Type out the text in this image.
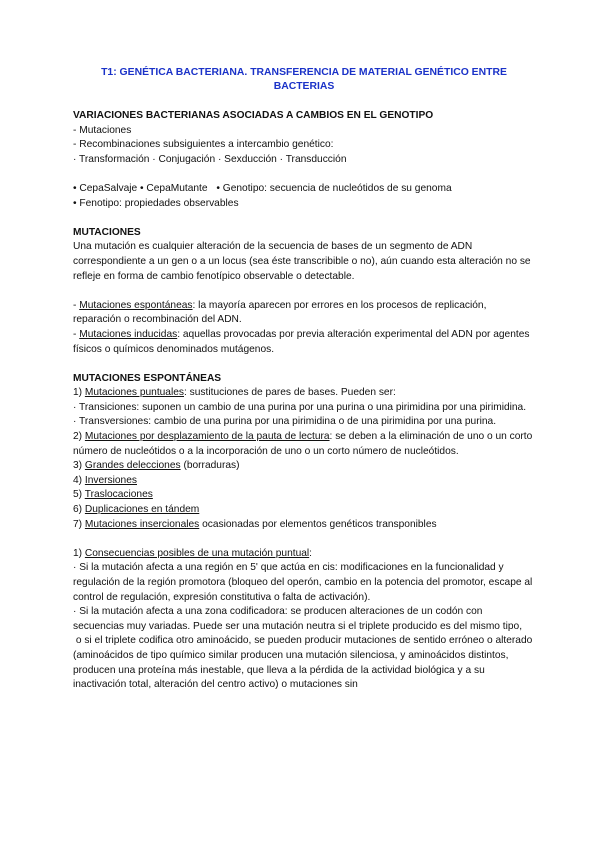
T1: GENÉTICA BACTERIANA. TRANSFERENCIA DE MATERIAL GENÉTICO ENTRE BACTERIAS

VARIACIONES BACTERIANAS ASOCIADAS A CAMBIOS EN EL GENOTIPO

- Mutaciones

- Recombinaciones subsiguientes a intercambio genético:

· Transformación · Conjugación · Sexducción · Transducción

• CepaSalvaje • CepaMutante • Genotipo: secuencia de nucleótidos de su genoma

• Fenotipo: propiedades observables

MUTACIONES

Una mutación es cualquier alteración de la secuencia de bases de un segmento de ADN correspondiente a un gen o a un locus (sea éste transcribible o no), aún cuando esta alteración no se refleje en forma de cambio fenotípico observable o detectable.

- Mutaciones espontáneas: la mayoría aparecen por errores en los procesos de replicación, reparación o recombinación del ADN.

- Mutaciones inducidas: aquellas provocadas por previa alteración experimental del ADN por agentes físicos o químicos denominados mutágenos.

MUTACIONES ESPONTÁNEAS

1) Mutaciones puntuales: sustituciones de pares de bases. Pueden ser:

· Transiciones: suponen un cambio de una purina por una purina o una pirimidina por una pirimidina.

· Transversiones: cambio de una purina por una pirimidina o de una pirimidina por una purina.

2) Mutaciones por desplazamiento de la pauta de lectura: se deben a la eliminación de uno o un corto número de nucleótidos o a la incorporación de uno o un corto número de nucleótidos.

3) Grandes delecciones (borraduras)

4) Inversiones

5) Traslocaciones

6) Duplicaciones en tándem

7) Mutaciones insercionales ocasionadas por elementos genéticos transponibles

1) Consecuencias posibles de una mutación puntual:

· Si la mutación afecta a una región en 5' que actúa en cis: modificaciones en la funcionalidad y regulación de la región promotora (bloqueo del operón, cambio en la potencia del promotor, escape al control de regulación, expresión constitutiva o falta de activación).

· Si la mutación afecta a una zona codificadora: se producen alteraciones de un codón con secuencias muy variadas. Puede ser una mutación neutra si el triplete producido es del mismo tipo,

o si el triplete codifica otro aminoácido, se pueden producir mutaciones de sentido erróneo o alterado (aminoácidos de tipo químico similar producen una mutación silenciosa, y aminoácidos distintos, producen una proteína más inestable, que lleva a la pérdida de la actividad biológica y a su inactivación total, alteración del centro activo) o mutaciones sin
